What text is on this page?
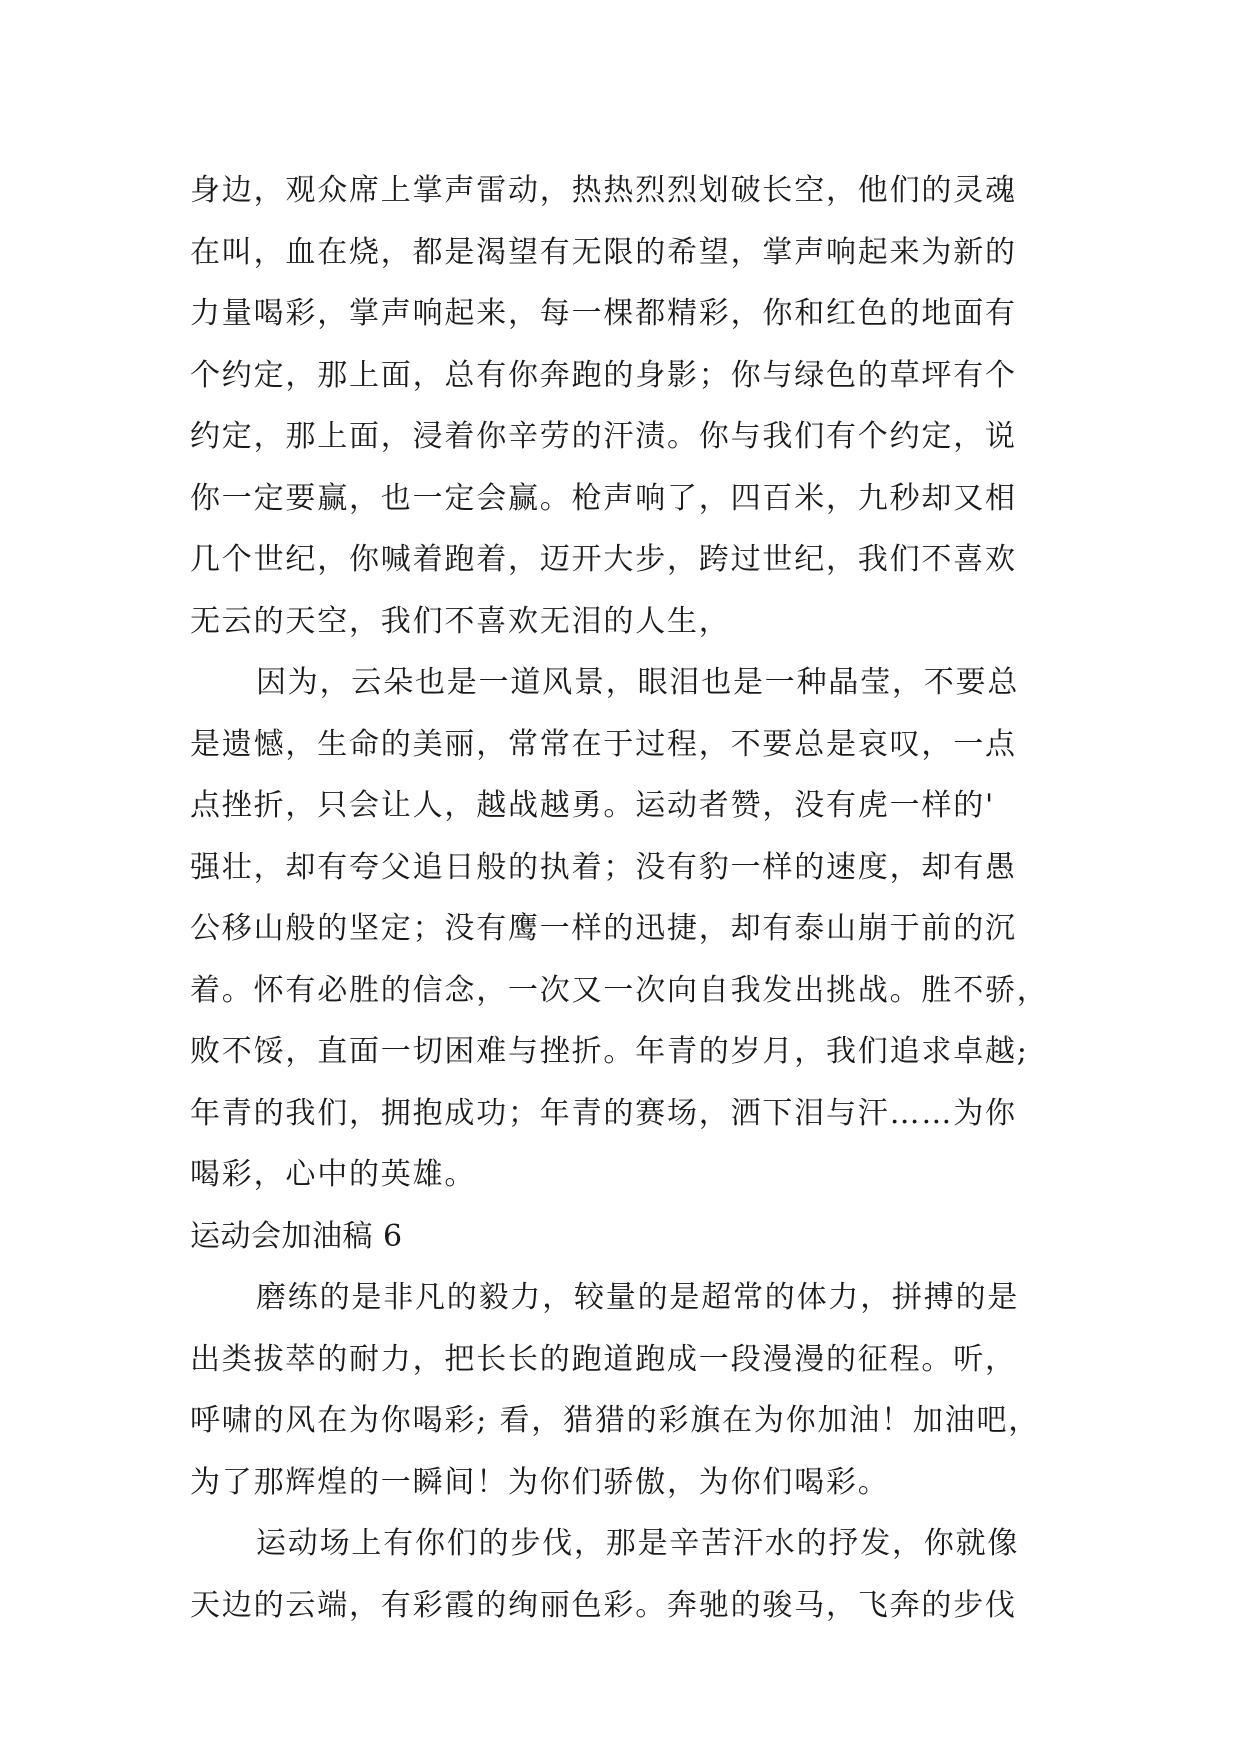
身边，观众席上掌声雷动，热热烈烈划破长空，他们的灵魂
在叫，血在烧，都是渴望有无限的希望，掌声响起来为新的
力量喝彩，掌声响起来，每一棵都精彩，你和红色的地面有
个约定，那上面，总有你奔跑的身影；你与绿色的草坪有个
约定，那上面，浸着你辛劳的汗渍。你与我们有个约定，说
你一定要赢，也一定会赢。枪声响了，四百米，九秒却又相
几个世纪，你喊着跑着，迈开大步，跨过世纪，我们不喜欢
无云的天空，我们不喜欢无泪的人生，
因为，云朵也是一道风景，眼泪也是一种晶莹，不要总
是遗憾，生命的美丽，常常在于过程，不要总是哀叹，一点
点挫折，只会让人，越战越勇。运动者赞，没有虎一样的'
强壮，却有夸父追日般的执着；没有豹一样的速度，却有愚
公移山般的坚定；没有鹰一样的迅捷，却有泰山崩于前的沉
着。怀有必胜的信念，一次又一次向自我发出挑战。胜不骄，
败不馁，直面一切困难与挫折。年青的岁月，我们追求卓越;
年青的我们，拥抱成功；年青的赛场，洒下泪与汗……为你
喝彩，心中的英雄。
运动会加油稿 6
磨练的是非凡的毅力，较量的是超常的体力，拼搏的是
出类拔萃的耐力，把长长的跑道跑成一段漫漫的征程。听，
呼啸的风在为你喝彩; 看，猎猎的彩旗在为你加油！加油吧，
为了那辉煌的一瞬间！为你们骄傲，为你们喝彩。
运动场上有你们的步伐，那是辛苦汗水的抒发，你就像
天边的云端，有彩霞的绚丽色彩。奔驰的骏马，飞奔的步伐
